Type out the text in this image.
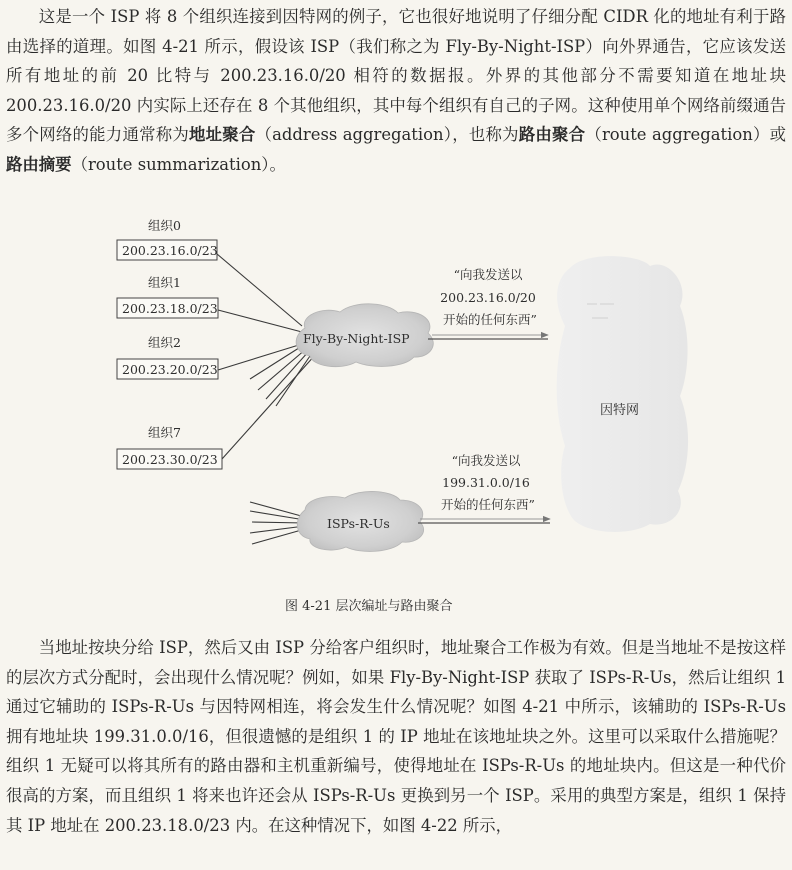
这是一个 ISP 将 8 个组织连接到因特网的例子，它也很好地说明了仔细分配 CIDR 化的地址有利于路由选择的道理。如图 4-21 所示，假设该 ISP（我们称之为 Fly-By-Night-ISP）向外界通告，它应该发送所有地址的前 20 比特与 200.23.16.0/20 相符的数据报。外界的其他部分不需要知道在地址块 200.23.16.0/20 内实际上还存在 8 个其他组织，其中每个组织有自己的子网。这种使用单个网络前缀通告多个网络的能力通常称为地址聚合（address aggregation），也称为路由聚合（route aggregation）或路由摘要（route summarization）。

因特网
Fly-By-Night-ISP
ISPs-R-Us
“向我发送以 200.23.16.0/20 开始的任何东西”
“向我发送以 199.31.0.0/16 开始的任何东西”
组织0
200.23.16.0/23
组织1
200.23.18.0/23
组织2
200.23.20.0/23
组织7
200.23.30.0/23
图 4-21 层次编址与路由聚合

当地址按块分给 ISP，然后又由 ISP 分给客户组织时，地址聚合工作极为有效。但是当地址不是按这样的层次方式分配时，会出现什么情况呢？例如，如果 Fly-By-Night-ISP 获取了 ISPs-R-Us，然后让组织 1 通过它辅助的 ISPs-R-Us 与因特网相连，将会发生什么情况呢？如图 4-21 中所示，该辅助的 ISPs-R-Us 拥有地址块 199.31.0.0/16，但很遗憾的是组织 1 的 IP 地址在该地址块之外。这里可以采取什么措施呢？组织 1 无疑可以将其所有的路由器和主机重新编号，使得地址在 ISPs-R-Us 的地址块内。但这是一种代价很高的方案，而且组织 1 将来也许还会从 ISPs-R-Us 更换到另一个 ISP。采用的典型方案是，组织 1 保持其 IP 地址在 200.23.18.0/23 内。在这种情况下，如图 4-22 所示，
